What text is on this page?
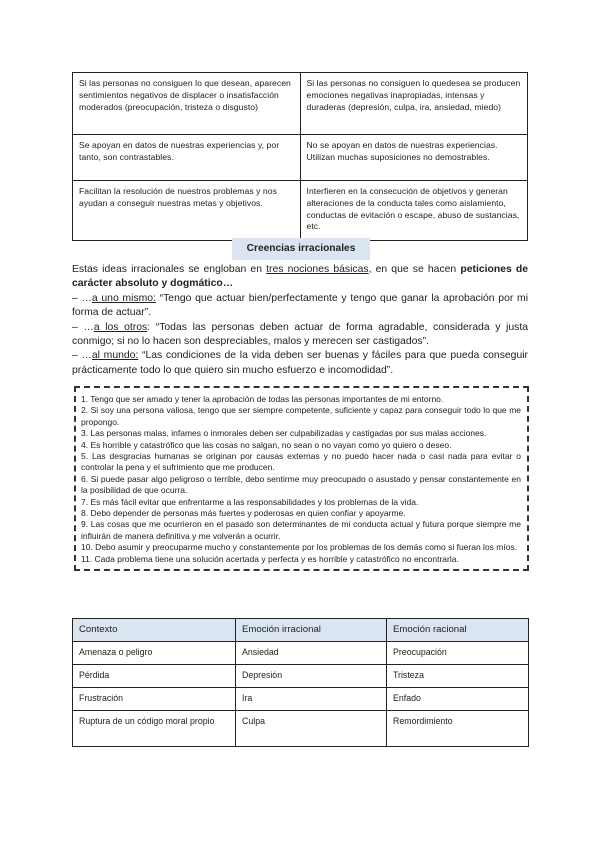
Si las personas no consiguen lo que desean, aparecen sentimientos negativos de displacer o insatisfacción moderados (preocupación, tristeza o disgusto)	Si las personas no consiguen lo quedesea se producen emociones negativas inapropiadas, intensas y duraderas (depresión, culpa, ira, ansiedad, miedo)
Se apoyan en datos de nuestras experiencias y, por tanto, son contrastables.	No se apoyan en datos de nuestras experiencias. Utilizan muchas suposiciones no demostrables.
Facilitan la resolución de nuestros problemas y nos ayudan a conseguir nuestras metas y objetivos.	Interfieren en la consecución de objetivos y generan alteraciones de la conducta tales como aislamiento, conductas de evitación o escape, abuso de sustancias, etc.
Creencias irracionales

Estas ideas irracionales se engloban en tres nociones básicas, en que se hacen peticiones de carácter absoluto y dogmático…

– …a uno mismo: “Tengo que actuar bien/perfectamente y tengo que ganar la aprobación por mi forma de actuar”.

– …a los otros: “Todas las personas deben actuar de forma agradable, considerada y justa conmigo; si no lo hacen son despreciables, malos y merecen ser castigados”.

– …al mundo: “Las condiciones de la vida deben ser buenas y fáciles para que pueda conseguir prácticamente todo lo que quiero sin mucho esfuerzo e incomodidad”.

1. Tengo que ser amado y tener la aprobación de todas las personas importantes de mi entorno.

2. Si soy una persona valiosa, tengo que ser siempre competente, suficiente y capaz para conseguir todo lo que me propongo.

3. Las personas malas, infames o inmorales deben ser culpabilizadas y castigadas por sus malas acciones.

4. Es horrible y catastrófico que las cosas no salgan, no sean o no vayan como yo quiero o deseo.

5. Las desgracias humanas se originan por causas externas y no puedo hacer nada o casi nada para evitar o controlar la pena y el sufrimiento que me producen.

6. Si puede pasar algo peligroso o terrible, debo sentirme muy preocupado o asustado y pensar constantemente en la posibilidad de que ocurra.

7. Es más fácil evitar que enfrentarme a las responsabilidades y los problemas de la vida.

8. Debo depender de personas más fuertes y poderosas en quien confiar y apoyarme.

9. Las cosas que me ocurrieron en el pasado son determinantes de mi conducta actual y futura porque siempre me influirán de manera definitiva y me volverán a ocurrir.

10. Debo asumir y preocuparme mucho y constantemente por los problemas de los demás como si fueran los míos.

11. Cada problema tiene una solución acertada y perfecta y es horrible y catastrófico no encontrarla.

Contexto	Emoción irracional	Emoción racional
Amenaza o peligro	Ansiedad	Preocupación
Pérdida	Depresión	Tristeza
Frustración	Ira	Enfado
Ruptura de un código moral propio	Culpa	Remordimiento
